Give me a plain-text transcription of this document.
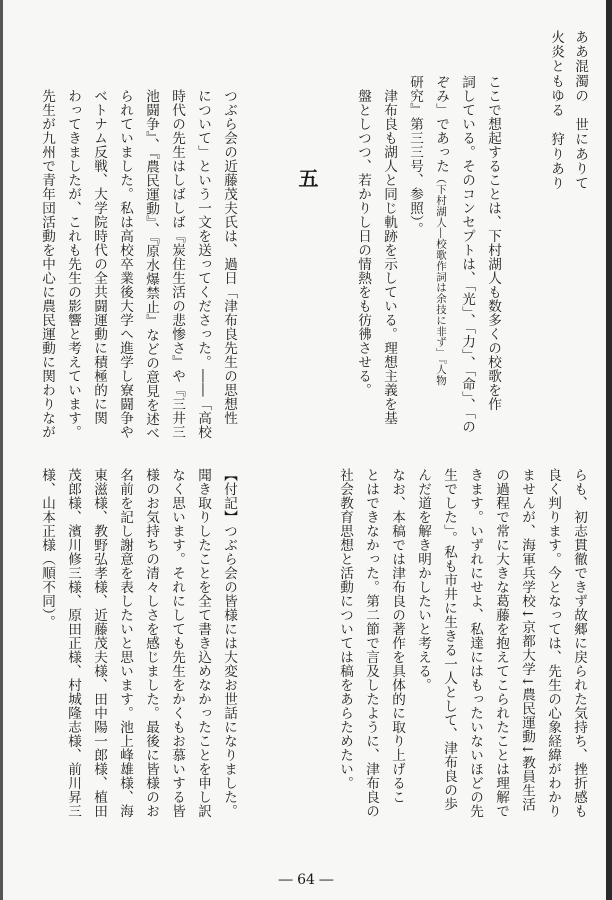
ああ混濁の　世にありて
火炎ともゆる　狩りあり
ここで想起することは、下村湖人も数多くの校歌を作
詞している。そのコンセプトは、「光」、「力」、「命」、「の
ぞみ」であった（下村湖人―校歌作詞は余技に非ず」『人物
研究』第三三号、参照）。
津布良も湖人と同じ軌跡を示している。理想主義を基
盤としつつ、若かりし日の情熱をも彷彿させる。
五
つぶら会の近藤茂夫氏は、過日「津布良先生の思想性
について」という一文を送ってくださった。――「高校
時代の先生はしばしば『炭住生活の悲惨さ』や『三井三
池闘争』、『農民運動』、『原水爆禁止』などの意見を述べ
られていました。私は高校卒業後大学へ進学し寮闘争や
ベトナム反戦、大学院時代の全共闘運動に積極的に関
わってきましたが、これも先生の影響と考えています。
先生が九州で青年団活動を中心に農民運動に関わりなが
らも、初志貫徹できず故郷に戻られた気持ち、挫折感も
良く判ります。今となっては、先生の心象経緯がわかり
ませんが、海軍兵学校↓京都大学↓農民運動↓教員生活
の過程で常に大きな葛藤を抱えてこられたことは理解で
きます。いずれにせよ、私達にはもったいないほどの先
生でした」。私も市井に生きる一人として、津布良の歩
んだ道を解き明かしたいと考える。
なお、本稿では津布良の著作を具体的に取り上げるこ
とはできなかった。第二節で言及したように、津布良の
社会教育思想と活動については稿をあらためたい。
【付記】つぶら会の皆様には大変お世話になりました。
聞き取りしたことを全て書き込めなかったことを申し訳
なく思います。それにしても先生をかくもお慕いする皆
様のお気持ちの清々しさを感じました。最後に皆様のお
名前を記し謝意を表したいと思います。池上峰雄様、海
東滋様、教野弘孝様、近藤茂夫様、田中陽一郎様、植田
茂郎様、濱川修三様、原田正様、村城隆志様、前川昇三
様、山本正様（順不同）。
― 64 ―
